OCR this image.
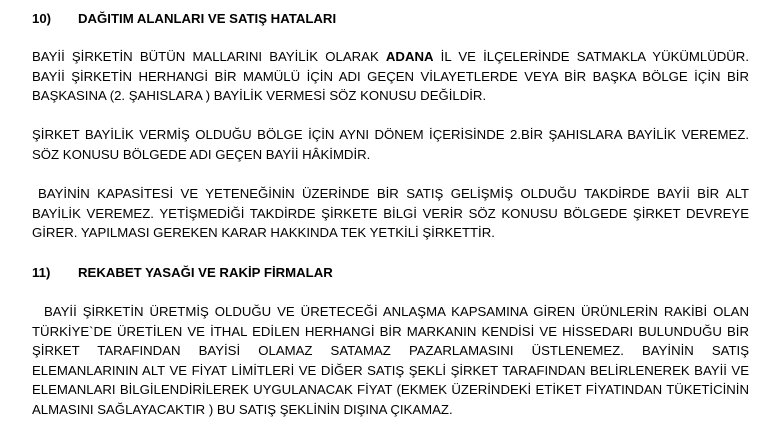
10) DAĞITIM ALANLARI VE SATIŞ HATALARI
BAYİİ ŞİRKETİN BÜTÜN MALLARINI BAYİLİK OLARAK ADANA İL VE İLÇELERİNDE SATMAKLA YÜKÜMLÜDÜR.
BAYİİ ŞİRKETİN HERHANGİ BİR MAMÜLÜ İÇİN ADI GEÇEN VİLAYETLERDE VEYA BİR BAŞKA BÖLGE İÇİN BİR
BAŞKASINA (2. ŞAHISLARA ) BAYİLİK VERMESİ SÖZ KONUSU DEĞİLDİR.
ŞİRKET BAYİLİK VERMİŞ OLDUĞU BÖLGE İÇİN AYNI DÖNEM İÇERİSİNDE 2.BİR ŞAHISLARA BAYİLİK VEREMEZ.
SÖZ KONUSU BÖLGEDE ADI GEÇEN BAYİİ HÂKİMDİR.
BAYİNİN KAPASİTESİ VE YETENEĞİNİN ÜZERİNDE BİR SATIŞ GELİŞMİŞ OLDUĞU TAKDİRDE BAYİİ BİR ALT
BAYİLİK VEREMEZ. YETİŞMEDİĞİ TAKDİRDE ŞİRKETE BİLGİ VERİR SÖZ KONUSU BÖLGEDE ŞİRKET DEVREYE
GİRER. YAPILMASI GEREKEN KARAR HAKKINDA TEK YETKİLİ ŞİRKETTİR.
11) REKABET YASAĞI VE RAKİP FİRMALAR
BAYİİ ŞİRKETİN ÜRETMİŞ OLDUĞU VE ÜRETECEĞİ ANLAŞMA KAPSAMINA GİREN ÜRÜNLERİN RAKİBİ OLAN
TÜRKİYE`DE ÜRETİLEN VE İTHAL EDİLEN HERHANGİ BİR MARKANIN KENDİSİ VE HİSSEDARI BULUNDUĞU BİR
ŞİRKET TARAFINDAN BAYİSİ OLAMAZ SATAMAZ PAZARLAMASINI ÜSTLENEMEZ. BAYİNİN SATIŞ
ELEMANLARININ ALT VE FİYAT LİMİTLERİ VE DİĞER SATIŞ ŞEKLİ ŞİRKET TARAFINDAN BELİRLENEREK BAYİİ VE
ELEMANLARI BİLGİLENDİRİLEREK UYGULANACAK FİYAT (EKMEK ÜZERİNDEKİ ETİKET FİYATINDAN TÜKETİCİNİN
ALMASINI SAĞLAYACAKTIR ) BU SATIŞ ŞEKLİNİN DIŞINA ÇIKAMAZ.
